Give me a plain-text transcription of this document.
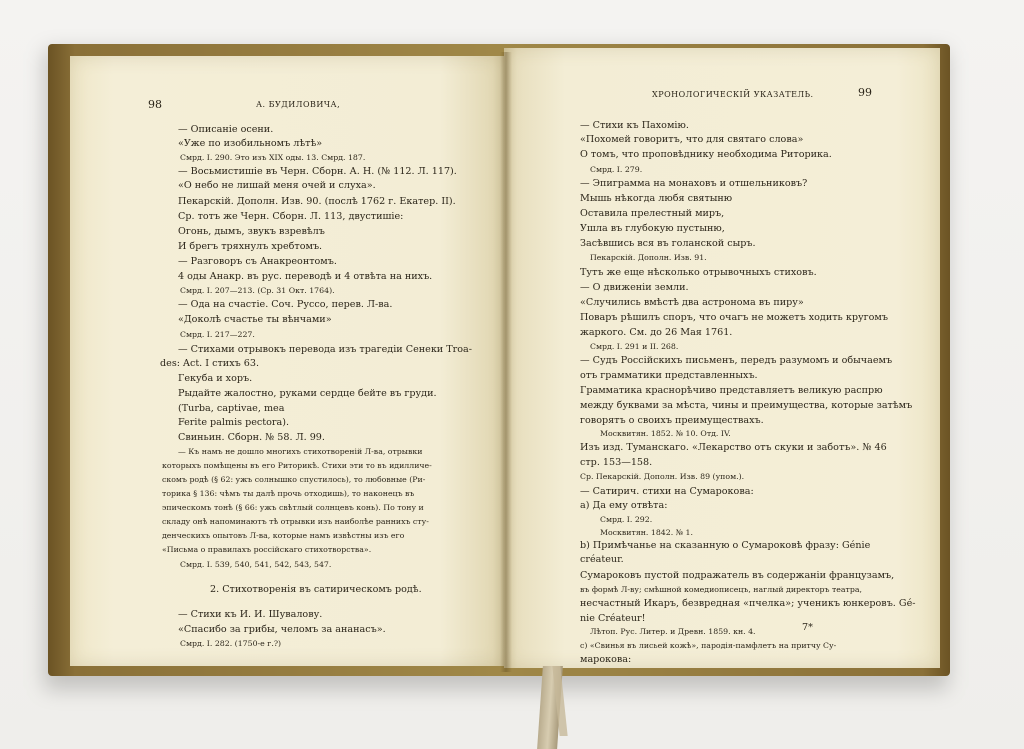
98	А. БУДИЛОВИЧА,
— Описаніе осени.
«Уже по изобильномъ лѣтѣ»
Смрд. I. 290. Это изъ XIX оды. 13. Смрд. 187.
— Восьмистишіе въ Черн. Сборн. А. Н. (№ 112. Л. 117).
«О небо не лишай меня очей и слуха».
Пекарскій. Дополн. Изв. 90. (послѣ 1762 г. Екатер. II).
Ср. тотъ же Черн. Сборн. Л. 113, двустишіе:
Огонь, дымъ, звукъ взревѣлъ
И брегъ тряхнулъ хребтомъ.
— Разговоръ съ Анакреонтомъ.
4 оды Анакр. въ рус. переводѣ и 4 отвѣта на нихъ.
Смрд. I. 207—213. (Ср. 31 Окт. 1764).
— Ода на счастіе. Соч. Руссо, перев. Л-ва.
«Доколѣ счастье ты вѣнчами»
Смрд. I. 217—227.
— Стихами отрывокъ перевода изъ трагедіи Сенеки Troa-
des: Act. I стихъ 63.
Гекуба и хоръ.
Рыдайте жалостно, руками сердце бейте въ груди.
(Turba, captivae, mea
Ferite palmis pectora).
Свиньин. Сборн. № 58. Л. 99.
— Къ намъ не дошло многихъ стихотвореній Л-ва, отрывки
которыхъ помѣщены въ его Риторикѣ. Стихи эти то въ идилличе-
скомъ родѣ (§ 62: ужъ солнышко спустилось), то любовные (Ри-
торика § 136: чѣмъ ты далѣ прочь отходишь), то наконецъ въ
эпическомъ тонѣ (§ 66: ужъ свѣтлый солнцевъ конь). По тону и
складу онѣ напоминаютъ тѣ отрывки изъ наиболѣе раннихъ сту-
денческихъ опытовъ Л-ва, которые намъ извѣстны изъ его
«Письма о правилахъ россійскаго стихотворства».
Смрд. I. 539, 540, 541, 542, 543, 547.
2. Стихотворенія въ сатирическомъ родѣ.
— Стихи къ И. И. Шувалову.
«Спасибо за грибы, челомъ за ананасъ».
Смрд. I. 282. (1750-е г.?)
ХРОНОЛОГИЧЕСКІЙ УКАЗАТЕЛЬ.	99
— Стихи къ Пахомію.
«Похомей говоритъ, что для святаго слова»
О томъ, что проповѣднику необходима Риторика.
Смрд. I. 279.
— Эпиграмма на монаховъ и отшельниковъ?
Мышь нѣкогда любя святыню
Оставила прелестный миръ,
Ушла въ глубокую пустыню,
Засѣвшись вся въ голанской сыръ.
Пекарскій. Дополн. Изв. 91.
Тутъ же еще нѣсколько отрывочныхъ стиховъ.
— О движеніи земли.
«Случились вмѣстѣ два астронома въ пиру»
Поваръ рѣшилъ споръ, что очагъ не можетъ ходить кругомъ
жаркого. См. до 26 Мая 1761.
Смрд. I. 291 и II. 268.
— Судъ Россійскихъ письменъ, передъ разумомъ и обычаемъ
отъ грамматики представленныхъ.
Грамматика краснорѣчиво представляетъ великую распрю
между буквами за мѣста, чины и преимущества, которые затѣмъ
говорятъ о своихъ преимуществахъ.
Москвитян. 1852. № 10. Отд. IV.
Изъ изд. Туманскаго. «Лекарство отъ скуки и заботъ». № 46
стр. 153—158.
Ср. Пекарскій. Дополн. Изв. 89 (упом.).
— Сатирич. стихи на Сумарокова:
a) Да ему отвѣта:
Смрд. I. 292.
Москвитян. 1842. № 1.
b) Примѣчанье на сказанную о Сумароковѣ фразу: Génie
créateur.
Сумароковъ пустой подражатель въ содержаніи французамъ,
въ формѣ Л-ву; смѣшной комедиописецъ, наглый директоръ театра,
несчастный Икаръ, безвредная «пчелка»; ученикъ юнкеровъ. Gé-
nie Créateur!
Лѣтоп. Рус. Литер. и Древн. 1859. кн. 4.
c) «Свинья въ лисьей кожѣ», пародія-памфлетъ на притчу Су-
марокова:
7*
